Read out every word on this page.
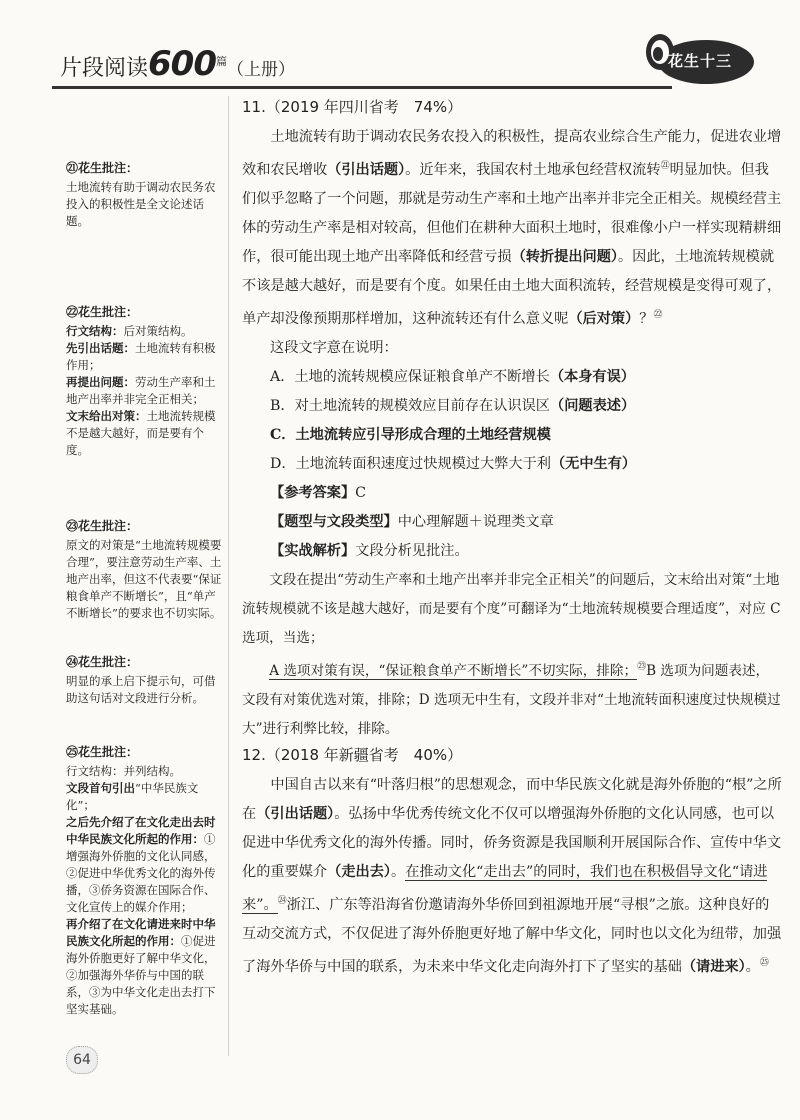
片段阅读$600^篇$（上册）	花生十三
㉑花生批注：
土地流转有助于调动农民务农投入的积极性是全文论述话题。
㉒花生批注：
行文结构：后对策结构。
先引出话题：土地流转有积极作用；
再提出问题：劳动生产率和土地产出率并非完全正相关；
文末给出对策：土地流转规模不是越大越好，而是要有个度。
㉓花生批注：
原文的对策是“土地流转规模要合理”，要注意劳动生产率、土地产出率，但这不代表要“保证粮食单产不断增长”，且“单产不断增长”的要求也不切实际。
㉔花生批注：
明显的承上启下提示句，可借助这句话对文段进行分析。
㉕花生批注：
行文结构：并列结构。
文段首句引出“中华民族文化”；
之后先介绍了在文化走出去时中华民族文化所起的作用：①增强海外侨胞的文化认同感，②促进中华优秀文化的海外传播，③侨务资源在国际合作、文化宣传上的媒介作用；
再介绍了在文化请进来时中华民族文化所起的作用：①促进海外侨胞更好了解中华文化，②加强海外华侨与中国的联系，③为中华文化走出去打下坚实基础。
11.（2019 年四川省考　74%）

土地流转有助于调动农民务农投入的积极性，提高农业综合生产能力，促进农业增效和农民增收（引出话题）。近年来，我国农村土地承包经营权流转$^㉑$明显加快。但我们似乎忽略了一个问题，那就是劳动生产率和土地产出率并非完全正相关。规模经营主体的劳动生产率是相对较高，但他们在耕种大面积土地时，很难像小户一样实现精耕细作，很可能出现土地产出率降低和经营亏损（转折提出问题）。因此，土地流转规模就不该是越大越好，而是要有个度。如果任由土地大面积流转，经营规模是变得可观了，单产却没像预期那样增加，这种流转还有什么意义呢（后对策）？$^㉒$

这段文字意在说明：
A．土地的流转规模应保证粮食单产不断增长（本身有误）
B．对土地流转的规模效应目前存在认识误区（问题表述）
C．土地流转应引导形成合理的土地经营规模
D．土地流转面积速度过快规模过大弊大于利（无中生有）
【参考答案】C
【题型与文段类型】中心理解题＋说理类文章
【实战解析】文段分析见批注。

文段在提出“劳动生产率和土地产出率并非完全正相关”的问题后，文末给出对策“土地流转规模就不该是越大越好，而是要有个度”可翻译为“土地流转规模要合理适度”，对应 C 选项，当选；

A 选项对策有误，“保证粮食单产不断增长”不切实际，排除；$^㉓$B 选项为问题表述，文段有对策优选对策，排除；D 选项无中生有，文段并非对“土地流转面积速度过快规模过大”进行利弊比较，排除。

12.（2018 年新疆省考　40%）

中国自古以来有“叶落归根”的思想观念，而中华民族文化就是海外侨胞的“根”之所在（引出话题）。弘扬中华优秀传统文化不仅可以增强海外侨胞的文化认同感，也可以促进中华优秀文化的海外传播。同时，侨务资源是我国顺利开展国际合作、宣传中华文化的重要媒介（走出去）。在推动文化“走出去”的同时，我们也在积极倡导文化“请进来”。$^㉔$浙江、广东等沿海省份邀请海外华侨回到祖源地开展“寻根”之旅。这种良好的互动交流方式，不仅促进了海外侨胞更好地了解中华文化，同时也以文化为纽带，加强了海外华侨与中国的联系，为未来中华文化走向海外打下了坚实的基础（请进来）。$^㉕$

64
